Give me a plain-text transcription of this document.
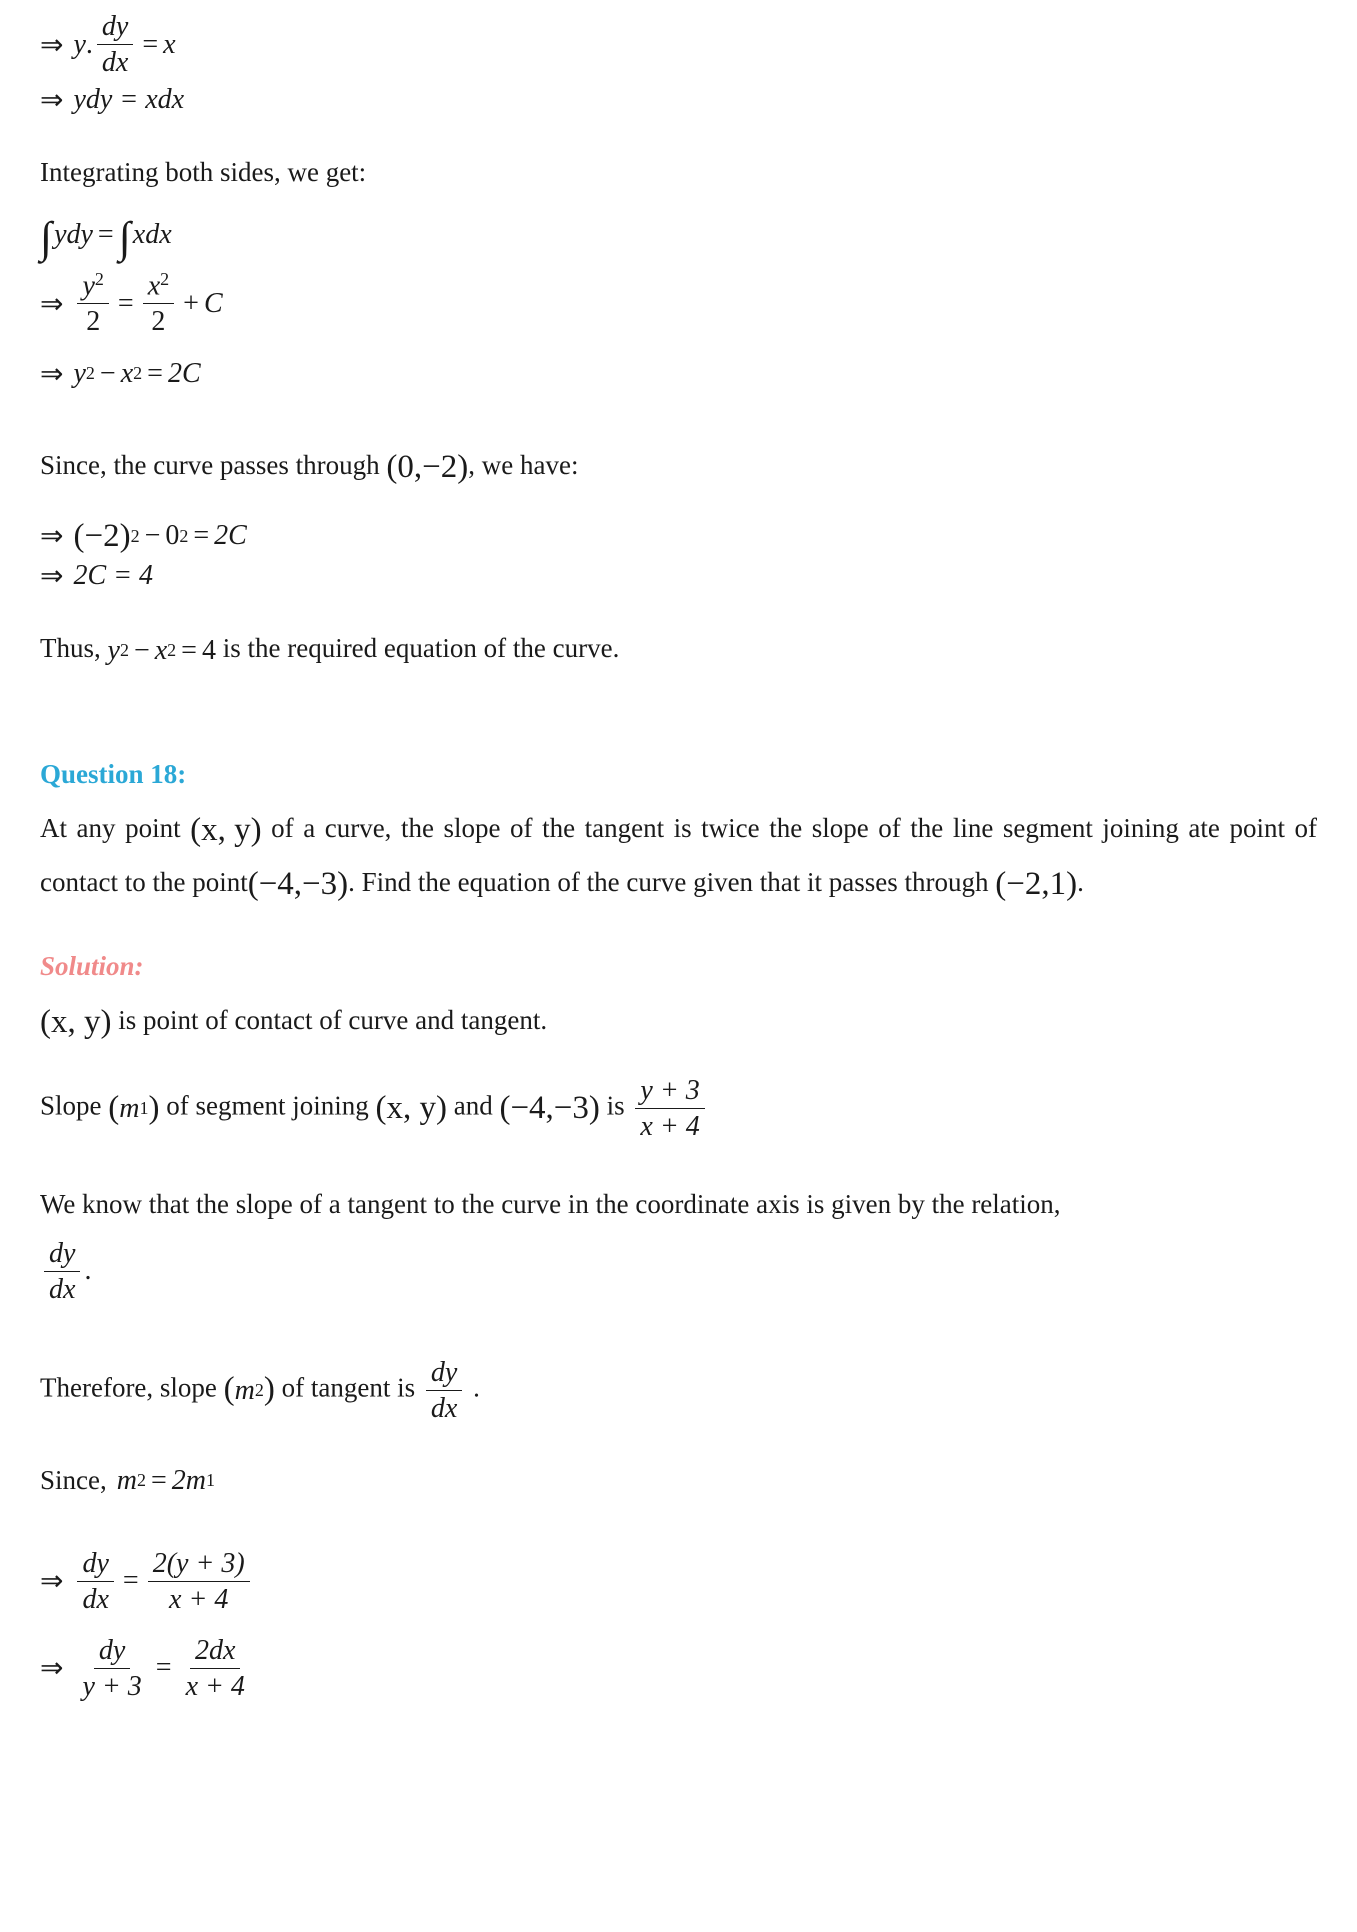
⇒ y . $\frac{dy}{dx} = x$
⇒ ydy = xdx

Integrating both sides, we get:

∫ ydy = ∫ xdx
⇒ $\frac{y^2}{2} = \frac{x^2}{2} + C$
⇒ y 2 − x 2 = 2C

Since, the curve passes through (0,−2) , we have:

⇒ (−2) 2 − 0 2 = 2C
⇒ 2C = 4

Thus, y 2 − x 2 = 4 is the required equation of the curve.

Question 18:

At any point (x, y) of a curve, the slope of the tangent is twice the slope of the line segment joining ate point of contact to the point (−4,−3) . Find the equation of the curve given that it passes through (−2,1) .

Solution:

(x, y) is point of contact of curve and tangent.

Slope ( m 1 ) of segment joining (x, y) and (−4,−3) is $\frac{y + 3}{x + 4}$

We know that the slope of a tangent to the curve in the coordinate axis is given by the relation,

$\frac{dy}{dx}$ .

Therefore, slope ( m 2 ) of tangent is $\frac{dy}{dx}$ .

Since, m 2 = 2m 1
⇒ $\frac{dy}{dx} = \frac{2(y + 3)}{x + 4}$
⇒ $\frac{dy}{y + 3} = \frac{2dx}{x + 4}$
